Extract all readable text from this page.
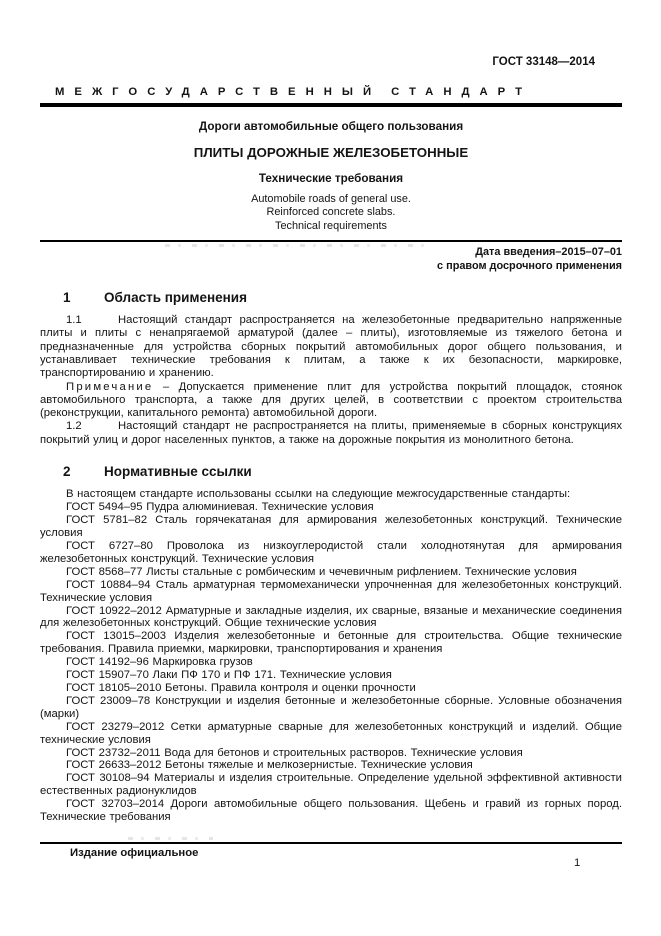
ГОСТ 33148—2014
МЕЖГОСУДАРСТВЕННЫЙ СТАНДАРТ
Дороги автомобильные общего пользования
ПЛИТЫ ДОРОЖНЫЕ ЖЕЛЕЗОБЕТОННЫЕ
Технические требования
Automobile roads of general use.
Reinforced concrete slabs.
Technical requirements
Дата введения–2015–07–01
с правом досрочного применения
1 Область применения

1.1	Настоящий стандарт распространяется на железобетонные предварительно напряженные плиты и плиты с ненапрягаемой арматурой (далее – плиты), изготовляемые из тяжелого бетона и предназначенные для устройства сборных покрытий автомобильных дорог общего пользования, и устанавливает технические требования к плитам, а также к их безопасности, маркировке, транспортированию и хранению.

Примечание – Допускается применение плит для устройства покрытий площадок, стоянок автомобильного транспорта, а также для других целей, в соответствии с проектом строительства (реконструкции, капитального ремонта) автомобильной дороги.

1.2	Настоящий стандарт не распространяется на плиты, применяемые в сборных конструкциях покрытий улиц и дорог населенных пунктов, а также на дорожные покрытия из монолитного бетона.

2 Нормативные ссылки

В настоящем стандарте использованы ссылки на следующие межгосударственные стандарты:

ГОСТ 5494–95 Пудра алюминиевая. Технические условия

ГОСТ 5781–82 Сталь горячекатаная для армирования железобетонных конструкций. Технические условия

ГОСТ 6727–80 Проволока из низкоуглеродистой стали холоднотянутая для армирования железобетонных конструкций. Технические условия

ГОСТ 8568–77 Листы стальные с ромбическим и чечевичным рифлением. Технические условия

ГОСТ 10884–94 Сталь арматурная термомеханически упрочненная для железобетонных конструкций. Технические условия

ГОСТ 10922–2012 Арматурные и закладные изделия, их сварные, вязаные и механические соединения для железобетонных конструкций. Общие технические условия

ГОСТ 13015–2003 Изделия железобетонные и бетонные для строительства. Общие технические требования. Правила приемки, маркировки, транспортирования и хранения

ГОСТ 14192–96 Маркировка грузов

ГОСТ 15907–70 Лаки ПФ 170 и ПФ 171. Технические условия

ГОСТ 18105–2010 Бетоны. Правила контроля и оценки прочности

ГОСТ 23009–78 Конструкции и изделия бетонные и железобетонные сборные. Условные обозначения (марки)

ГОСТ 23279–2012 Сетки арматурные сварные для железобетонных конструкций и изделий. Общие технические условия

ГОСТ 23732–2011 Вода для бетонов и строительных растворов. Технические условия

ГОСТ 26633–2012 Бетоны тяжелые и мелкозернистые. Технические условия

ГОСТ 30108–94 Материалы и изделия строительные. Определение удельной эффективной активности естественных радионуклидов

ГОСТ 32703–2014 Дороги автомобильные общего пользования. Щебень и гравий из горных пород. Технические требования

Издание официальное
1
